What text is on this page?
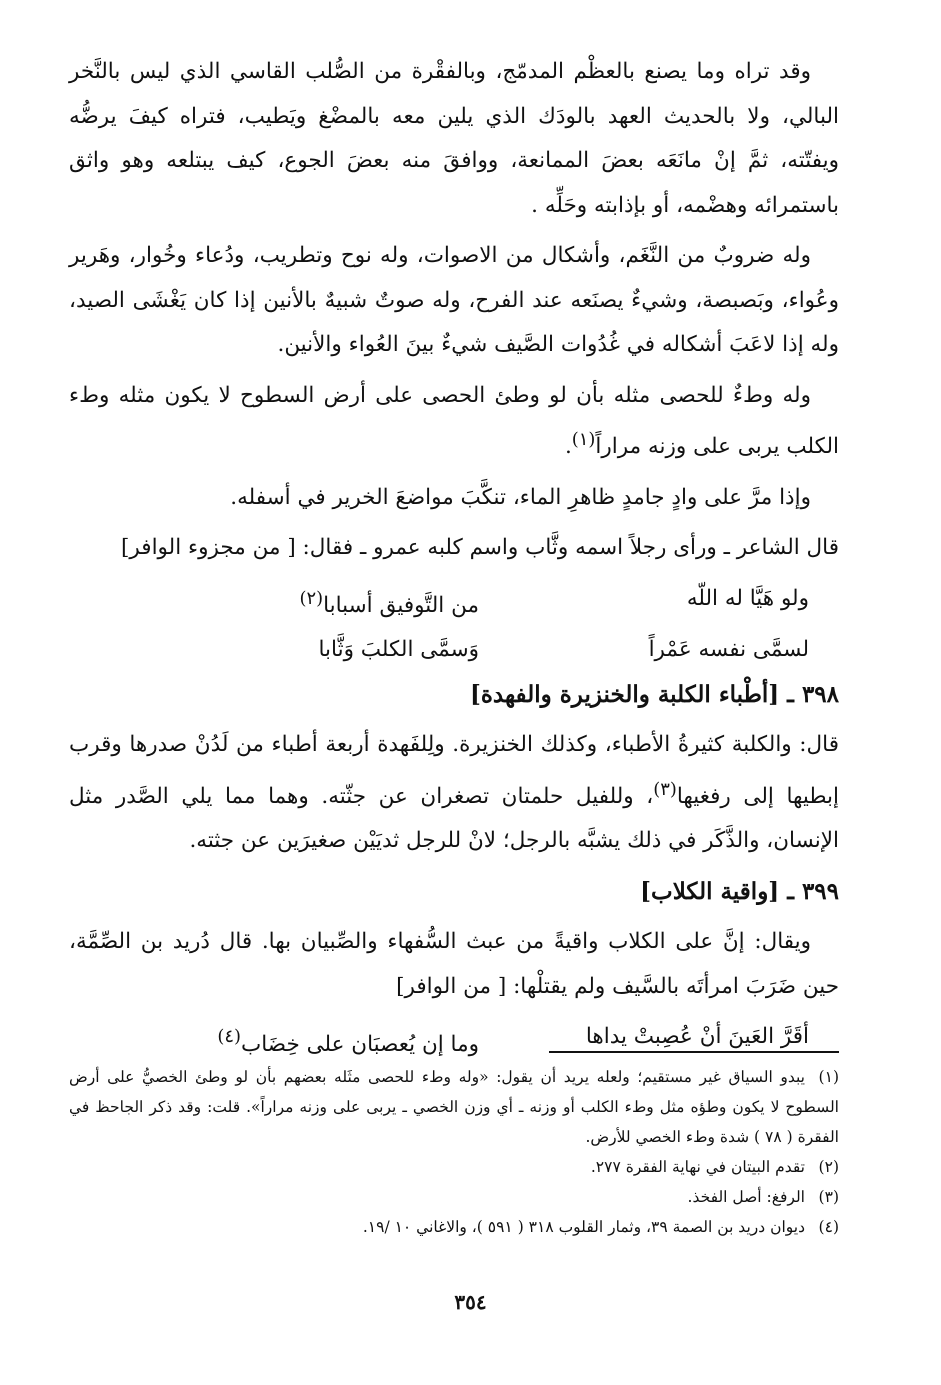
وقد تراه وما يصنع بالعظْم المدمّج، وبالفقْرة من الصُّلب القاسي الذي ليس بالنَّخر البالي، ولا بالحديث العهد بالودَك الذي يلين معه بالمضْغ ويَطيب، فتراه كيفَ يرضُّه ويفتّته، ثمَّ إنْ مانَعَه بعضَ الممانعة، ووافقَ منه بعضَ الجوع، كيف يبتلعه وهو واثق باستمرائه وهضْمه، أو بإذابته وحَلِّه .

وله ضروبٌ من النَّغَم، وأشكال من الاصوات، وله نوح وتطريب، ودُعاء وخُوار، وهَرير وعُواء، وبَصبصة، وشيءٌ يصنَعه عند الفرح، وله صوتٌ شبيهٌ بالأنين إذا كان يَغْشَى الصيد، وله إذا لاعَبَ أشكاله في غُدُوات الصَّيف شيءٌ بينَ العُواء والأنين.

وله وطءٌ للحصى مثله بأن لو وطئ الحصى على أرض السطوح لا يكون مثله وطء الكلب يربى على وزنه مراراً$^{(١)}$.

وإذا مرَّ على وادٍ جامدٍ ظاهرِ الماء، تنكَّبَ مواضعَ الخرير في أسفله.

قال الشاعر ـ ورأى رجلاً اسمه وثَّاب واسم كلبه عمرو ـ فقال: [ من مجزوء الوافر]

ولو هَيَّا له اللّه
من التَّوفيق أسبابا$^{(٢)}$
لسمَّى نفسه عَمْراً
وَسمَّى الكلبَ وَثَّابا

٣٩٨ ـ [أطْباء الكلبة والخنزيرة والفهدة]

قال: والكلبة كثيرةُ الأطباء، وكذلك الخنزيرة. ولِلفَهدة أربعة أطباء من لَدُنْ صدرها وقرب إبطيها إلى رفغيها$^{(٣)}$، وللفيل حلمتان تصغران عن جثّته. وهما مما يلي الصَّدر مثل الإنسان، والذَّكَر في ذلك يشبَّه بالرجل؛ لانْ للرجل ثديَيْن صغيرَين عن جثته.

٣٩٩ ـ [واقية الكلاب]

ويقال: إنَّ على الكلاب واقيةً من عبث السُّفهاء والصِّبيان بها. قال دُريد بن الصِّمَّة، حين ضَرَبَ امرأتَه بالسَّيف ولم يقتلْها: [ من الوافر]

أقَرَّ العَينَ أنْ عُصِبتْ يداها
وما إن يُعصبَان على خِضَاب$^{(٤)}$

(١)يبدو السياق غير مستقيم؛ ولعله يريد أن يقول: «وله وطء للحصى مثَله بعضهم بأن لو وطئ الخصيُّ على أرض السطوح لا يكون وطؤه مثل وطء الكلب أو وزنه ـ أي وزن الخصي ـ يربى على وزنه مراراً». قلت: وقد ذكر الجاحظ في الفقرة ( ٧٨ ) شدة وطء الخصي للأرض.

(٢)تقدم البيتان في نهاية الفقرة ٢٧٧.

(٣)الرفغ: أصل الفخذ.

(٤)ديوان دريد بن الصمة ٣٩، وثمار القلوب ٣١٨ ( ٥٩١ )، والاغاني ١٠ /١٩.

٣٥٤
